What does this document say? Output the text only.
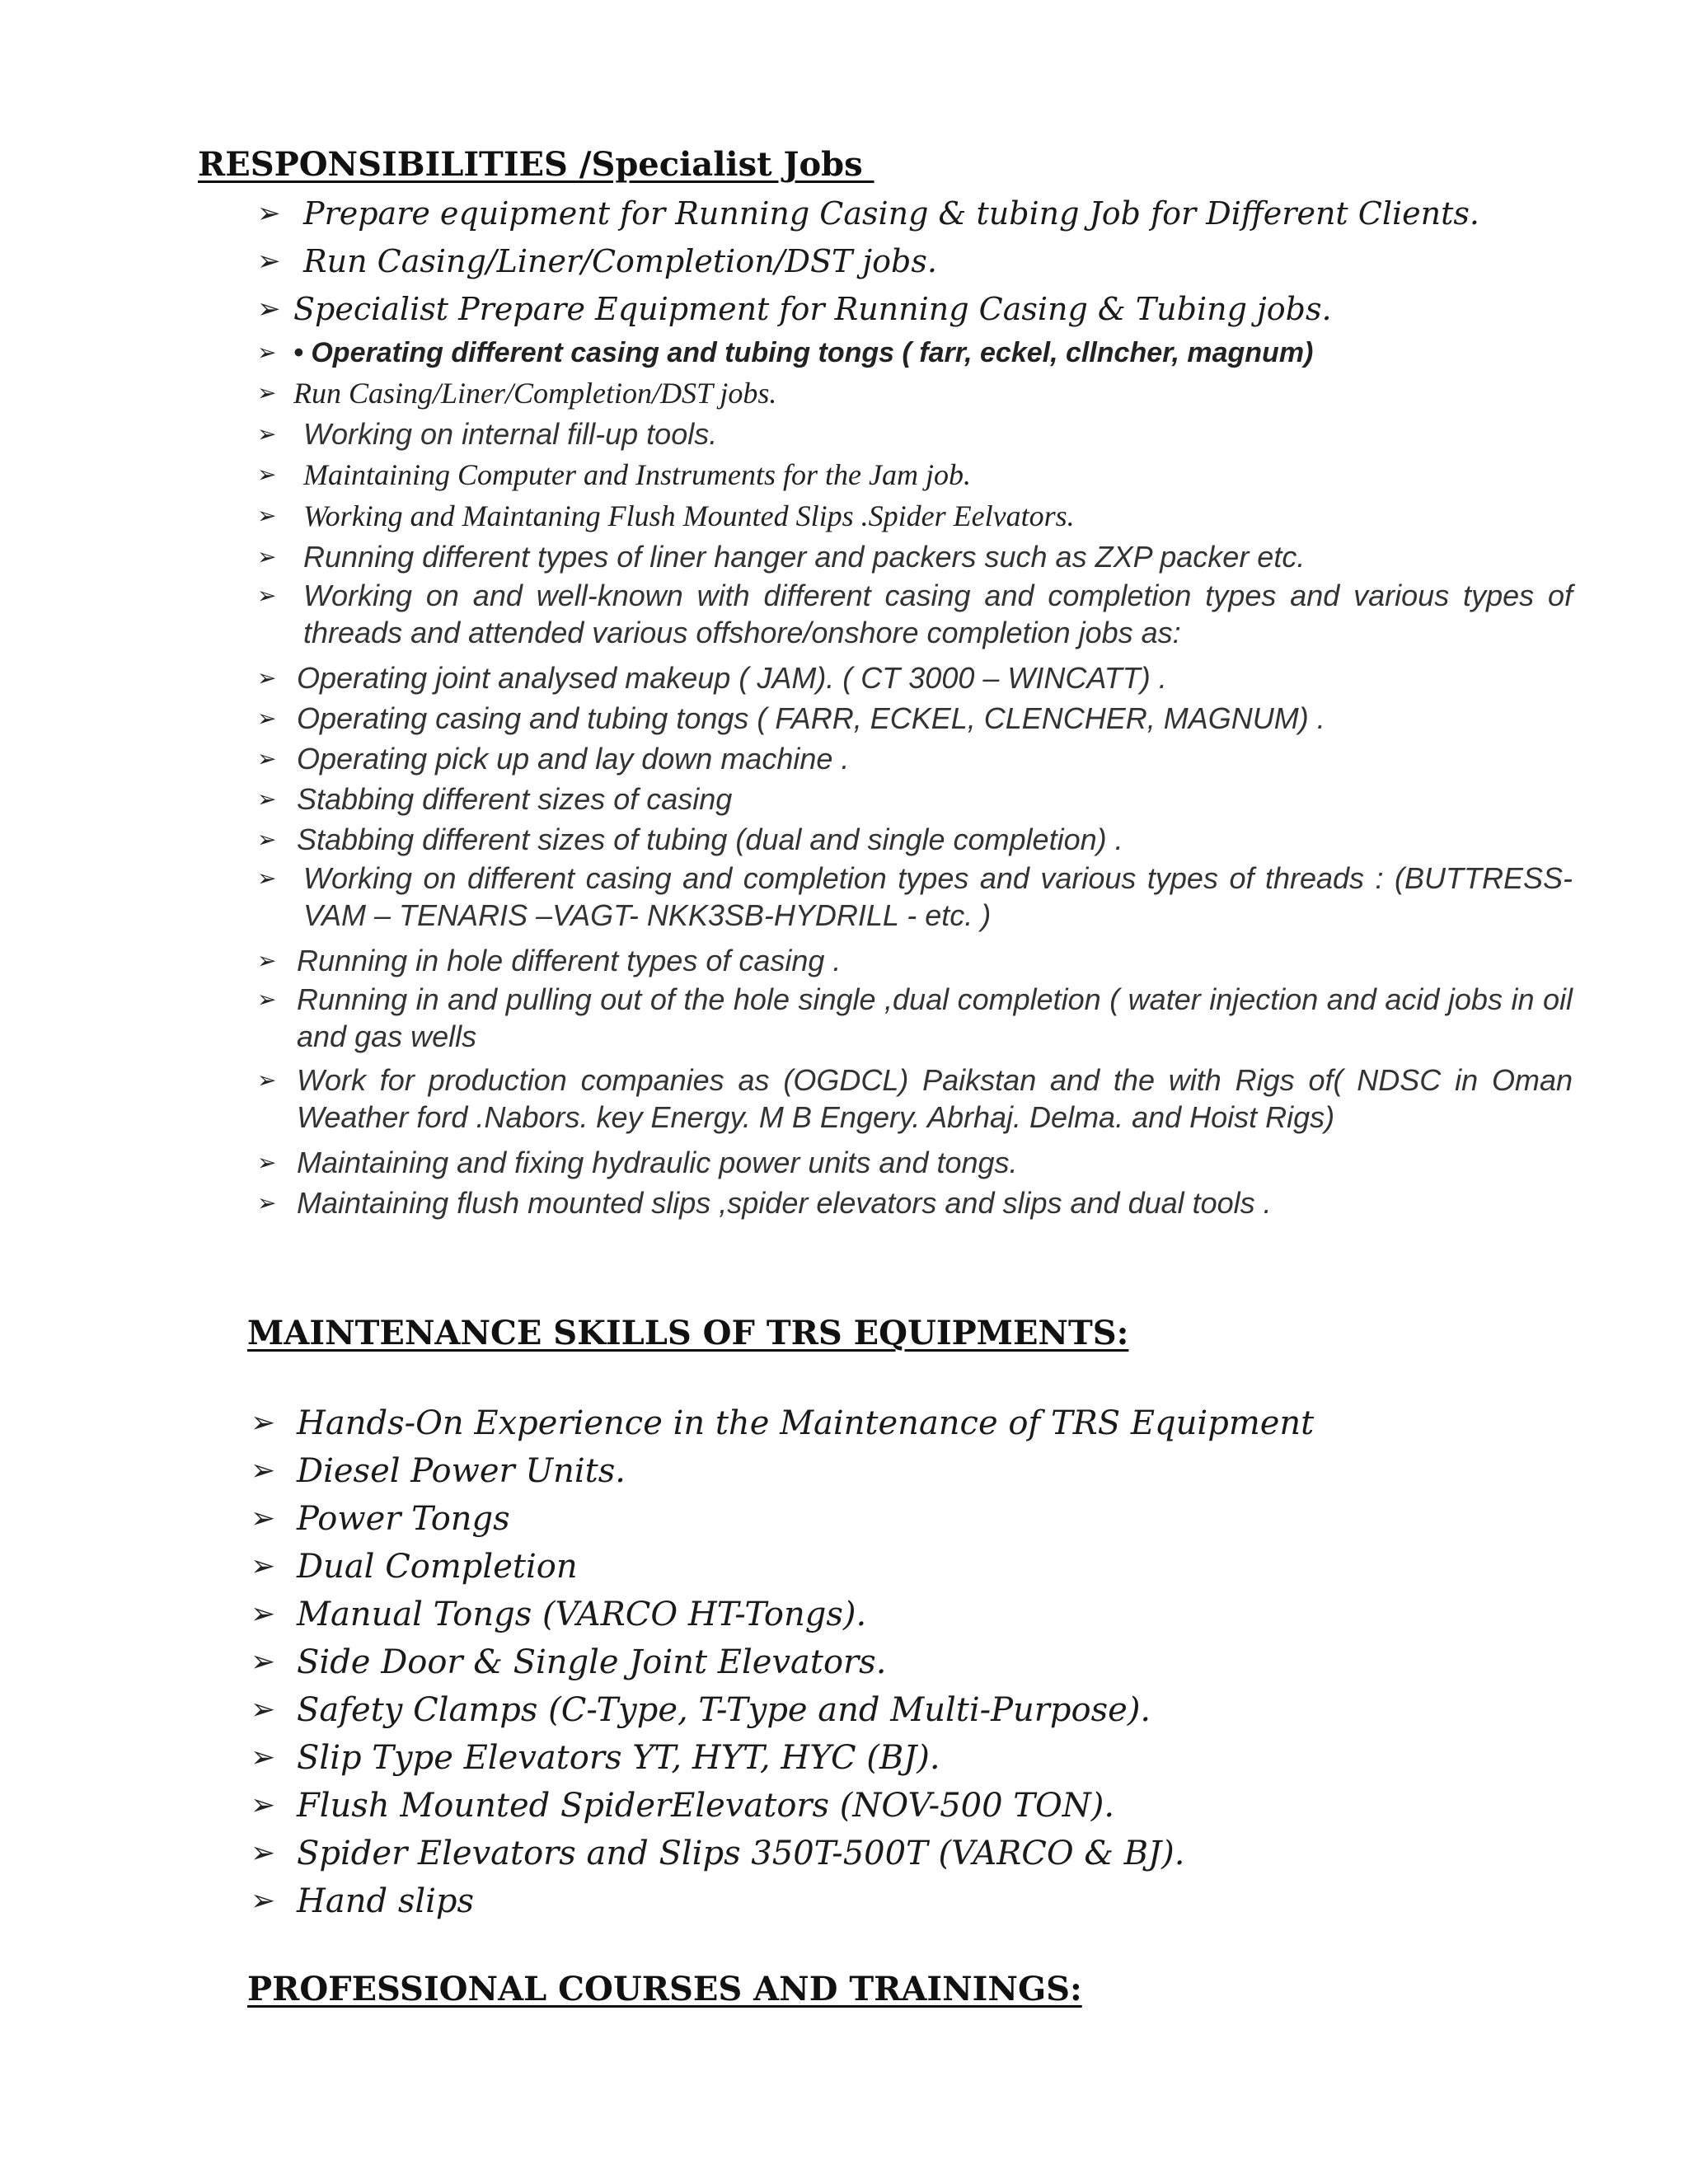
RESPONSIBILITIES /Specialist Jobs
➢ Prepare equipment for Running Casing & tubing Job for Different Clients.
➢ Run Casing/Liner/Completion/DST jobs.
➢ Specialist Prepare Equipment for Running Casing & Tubing jobs.
➢ • Operating different casing and tubing tongs ( farr, eckel, cllncher, magnum)
➢ Run Casing/Liner/Completion/DST jobs.
➢ Working on internal fill-up tools.
➢ Maintaining Computer and Instruments for the Jam job.
➢ Working and Maintaning Flush Mounted Slips .Spider Eelvators.
➢ Running different types of liner hanger and packers such as ZXP packer etc.
➢ Working on and well-known with different casing and completion types and various types of threads and attended various offshore/onshore completion jobs as:
➢ Operating joint analysed makeup ( JAM). ( CT 3000 – WINCATT) .
➢ Operating casing and tubing tongs ( FARR, ECKEL, CLENCHER, MAGNUM) .
➢ Operating pick up and lay down machine .
➢ Stabbing different sizes of casing
➢ Stabbing different sizes of tubing (dual and single completion) .
➢ Working on different casing and completion types and various types of threads : (BUTTRESS- VAM – TENARIS –VAGT- NKK3SB-HYDRILL - etc. )
➢ Running in hole different types of casing .
➢ Running in and pulling out of the hole single ,dual completion ( water injection and acid jobs in oil and gas wells
➢ Work for production companies as (OGDCL) Paikstan and the with Rigs of( NDSC in Oman Weather ford .Nabors. key Energy. M B Engery. Abrhaj. Delma. and Hoist Rigs)
➢ Maintaining and fixing hydraulic power units and tongs.
➢ Maintaining flush mounted slips ,spider elevators and slips and dual tools .
MAINTENANCE SKILLS OF TRS EQUIPMENTS:
➢ Hands-On Experience in the Maintenance of TRS Equipment
➢ Diesel Power Units.
➢ Power Tongs
➢ Dual Completion
➢ Manual Tongs (VARCO HT-Tongs).
➢ Side Door & Single Joint Elevators.
➢ Safety Clamps (C-Type, T-Type and Multi-Purpose).
➢ Slip Type Elevators YT, HYT, HYC (BJ).
➢ Flush Mounted SpiderElevators (NOV-500 TON).
➢ Spider Elevators and Slips 350T-500T (VARCO & BJ).
➢ Hand slips
PROFESSIONAL COURSES AND TRAININGS:
